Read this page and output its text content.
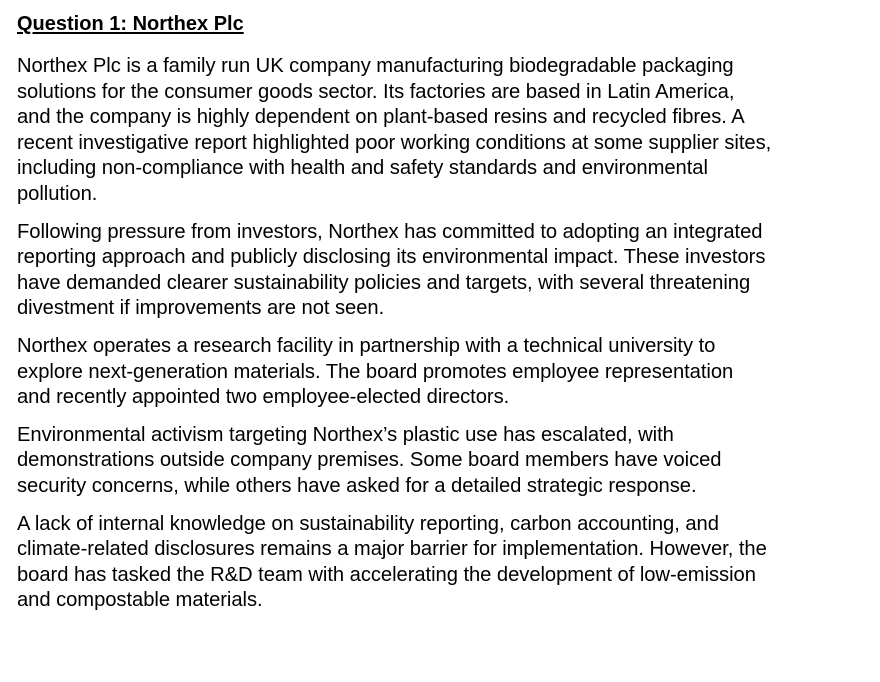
Question 1: Northex Plc

Northex Plc is a family run UK company manufacturing biodegradable packaging
solutions for the consumer goods sector. Its factories are based in Latin America,
and the company is highly dependent on plant-based resins and recycled fibres. A
recent investigative report highlighted poor working conditions at some supplier sites,
including non-compliance with health and safety standards and environmental
pollution.

Following pressure from investors, Northex has committed to adopting an integrated
reporting approach and publicly disclosing its environmental impact. These investors
have demanded clearer sustainability policies and targets, with several threatening
divestment if improvements are not seen.

Northex operates a research facility in partnership with a technical university to
explore next-generation materials. The board promotes employee representation
and recently appointed two employee-elected directors.

Environmental activism targeting Northex’s plastic use has escalated, with
demonstrations outside company premises. Some board members have voiced
security concerns, while others have asked for a detailed strategic response.

A lack of internal knowledge on sustainability reporting, carbon accounting, and
climate-related disclosures remains a major barrier for implementation. However, the
board has tasked the R&D team with accelerating the development of low-emission
and compostable materials.
